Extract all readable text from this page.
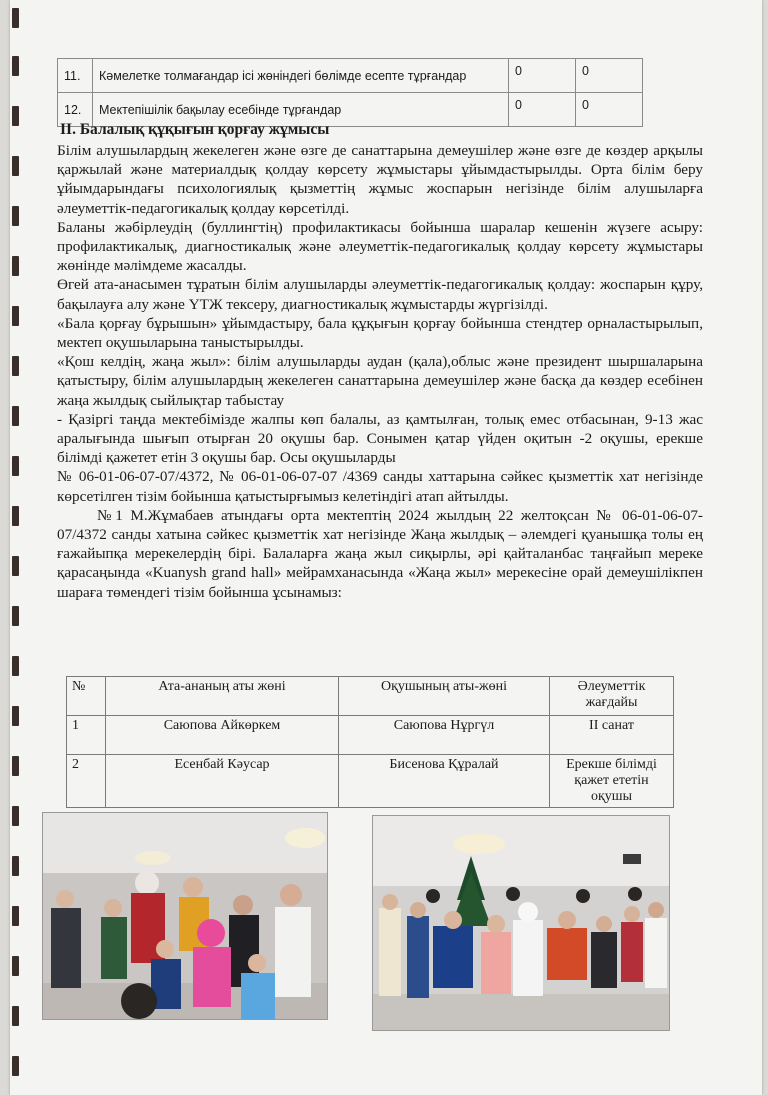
11.	Кәмелетке толмағандар ісі жөніндегі бөлімде есепте тұрғандар	0	0
12.	Мектепішілік бақылау есебінде тұрғандар	0	0
II. Балалық құқығын қорғау жұмысы

Білім алушылардың жекелеген және өзге де санаттарына демеушілер және өзге де көздер арқылы қаржылай және материалдық қолдау көрсету жұмыстары ұйымдастырылды. Орта білім беру ұйымдарындағы психологиялық қызметтің жұмыс жоспарын негізінде білім алушыларға әлеуметтік-педагогикалық қолдау көрсетілді.

Баланы жәбірлеудің (буллингтің) профилактикасы бойынша шаралар кешенін жүзеге асыру: профилактикалық, диагностикалық және әлеуметтік-педагогикалық қолдау көрсету жұмыстары жөнінде мәлімдеме жасалды.

Өгей ата-анасымен тұратын білім алушыларды әлеуметтік-педагогикалық қолдау: жоспарын құру, бақылауға алу және ҮТЖ тексеру, диагностикалық жұмыстарды жүргізілді.

«Бала қорғау бұрышын» ұйымдастыру, бала құқығын қорғау бойынша стендтер орналастырылып, мектеп оқушыларына таныстырылды.

«Қош келдің, жаңа жыл»: білім алушыларды аудан (қала),облыс және президент шыршаларына қатыстыру, білім алушылардың жекелеген санаттарына демеушілер және басқа да көздер есебінен жаңа жылдық сыйлықтар табыстау

- Қазіргі таңда мектебімізде жалпы көп балалы, аз қамтылған, толық емес отбасынан, 9-13 жас аралығында шығып отырған 20 оқушы бар. Сонымен қатар үйден оқитын -2 оқушы, ерекше білімді қажетет етін 3 оқушы бар. Осы оқушыларды

№ 06-01-06-07-07/4372, № 06-01-06-07-07 /4369 санды хаттарына сәйкес қызметтік хат негізінде көрсетілген тізім бойынша қатыстырғымыз келетіндігі атап айтылды.

№1 М.Жұмабаев атындағы орта мектептің 2024 жылдың 22 желтоқсан № 06-01-06-07-07/4372 санды хатына сәйкес қызметтік хат негізінде Жаңа жылдық – әлемдегі қуанышқа толы ең ғажайыпқа мерекелердің бірі. Балаларға жаңа жыл сиқырлы, әрі қайталанбас таңғайып мереке қарасаңында «Kuanysh grand hall» мейрамханасында «Жаңа жыл» мерекесіне орай демеушілікпен шараға төмендегі тізім бойынша ұсынамыз:

№	Ата-ананың аты жөні	Оқушының аты-жөні	Әлеуметтік жағдайы
1	Саюпова Айкөркем	Саюпова Нұргүл	II санат
2	Есенбай Кәусар	Бисенова Құралай	Ерекше білімді қажет ететін оқушы
